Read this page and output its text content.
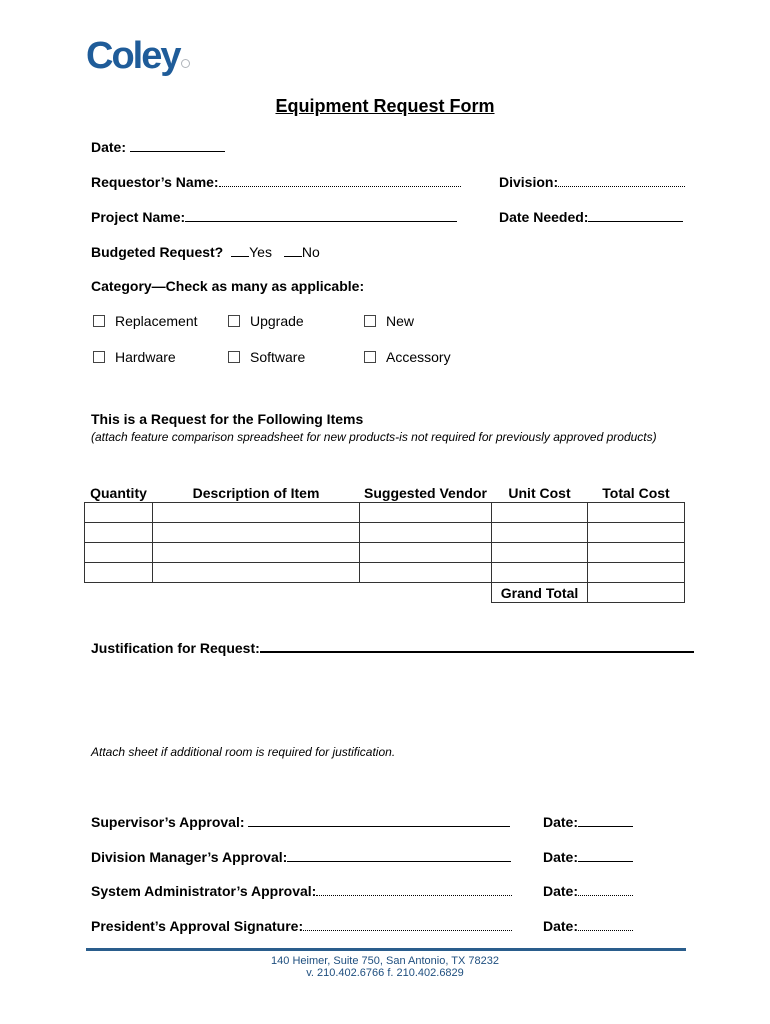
Coley
Equipment Request Form
Date:
Requestor’s Name:	Division:
Project Name:	Date Needed:
Budgeted Request? Yes No
Category—Check as many as applicable:
Replacement	Upgrade	New
Hardware	Software	Accessory
This is a Request for the Following Items
(attach feature comparison spreadsheet for new products-is not required for previously approved products)
Quantity	Description of Item	Suggested Vendor	Unit Cost	Total Cost

			Grand Total	
Justification for Request:
Attach sheet if additional room is required for justification.
Supervisor’s Approval:	Date:
Division Manager’s Approval:	Date:
System Administrator’s Approval:	Date:
President’s Approval Signature:	Date:
140 Heimer, Suite 750, San Antonio, TX 78232
v. 210.402.6766 f. 210.402.6829
